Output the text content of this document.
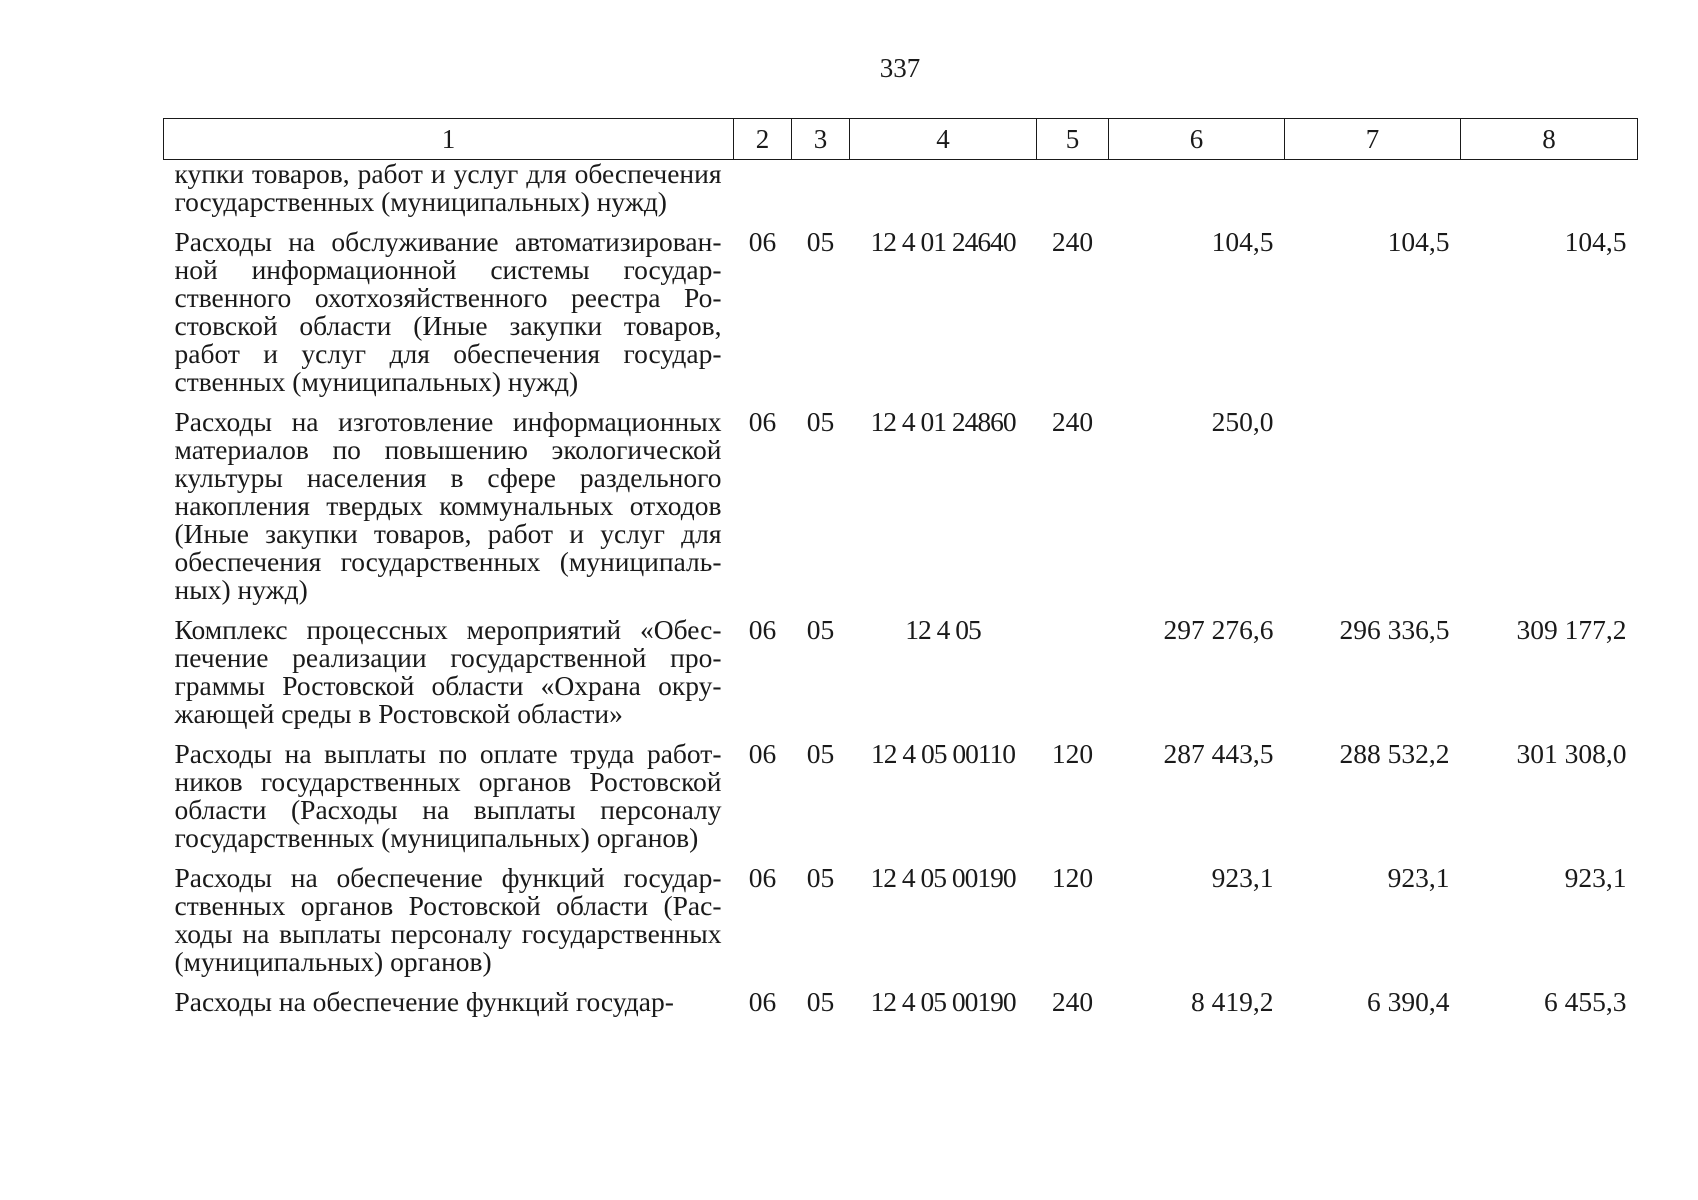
337
1	2	3	4	5	6	7	8
купки товаров, работ и услуг для обеспечения государственных (муниципальных) нужд)							
Расходы на обслуживание автоматизированной информационной системы государственного охотхозяйственного реестра Ростовской области (Иные закупки товаров, работ и услуг для обеспечения государственных (муниципальных) нужд)	06	05	12 4 01 24640	240	104,5	104,5	104,5
Расходы на изготовление информационных материалов по повышению экологической культуры населения в сфере раздельного накопления твердых коммунальных отходов (Иные закупки товаров, работ и услуг для обеспечения государственных (муниципальных) нужд)	06	05	12 4 01 24860	240	250,0		
Комплекс процессных мероприятий «Обеспечение реализации государственной программы Ростовской области «Охрана окружающей среды в Ростовской области»	06	05	12 4 05		297 276,6	296 336,5	309 177,2
Расходы на выплаты по оплате труда работников государственных органов Ростовской области (Расходы на выплаты персоналу государственных (муниципальных) органов)	06	05	12 4 05 00110	120	287 443,5	288 532,2	301 308,0
Расходы на обеспечение функций государственных органов Ростовской области (Расходы на выплаты персоналу государственных (муниципальных) органов)	06	05	12 4 05 00190	120	923,1	923,1	923,1
Расходы на обеспечение функций государ-	06	05	12 4 05 00190	240	8 419,2	6 390,4	6 455,3
